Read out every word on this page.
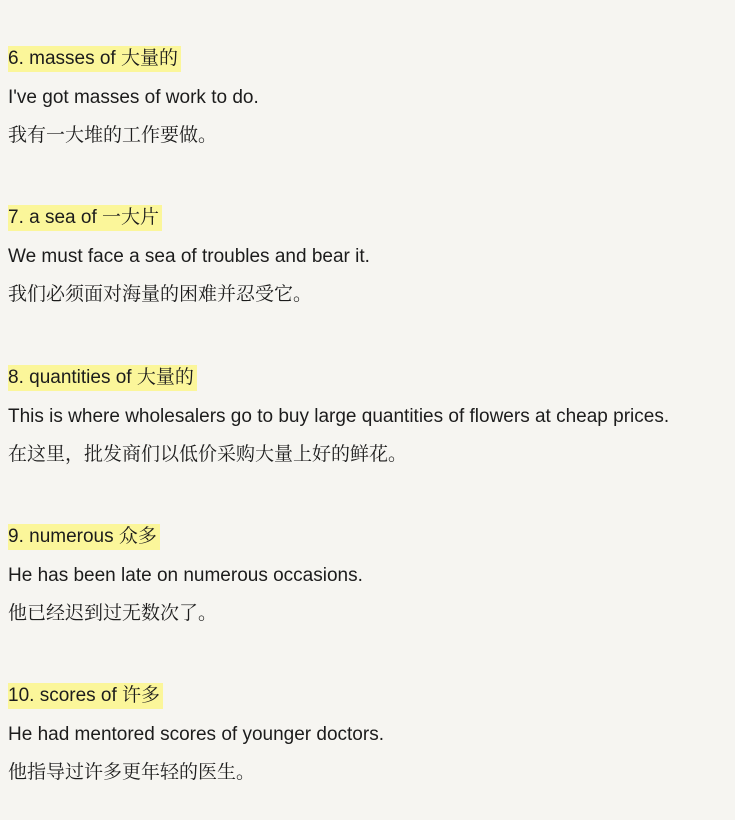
6. masses of 大量的
I've got masses of work to do.
我有一大堆的工作要做。
7. a sea of 一大片
We must face a sea of troubles and bear it.
我们必须面对海量的困难并忍受它。
8. quantities of 大量的
This is where wholesalers go to buy large quantities of flowers at cheap prices.
在这里，批发商们以低价采购大量上好的鲜花。
9. numerous 众多
He has been late on numerous occasions.
他已经迟到过无数次了。
10. scores of 许多
He had mentored scores of younger doctors.
他指导过许多更年轻的医生。
